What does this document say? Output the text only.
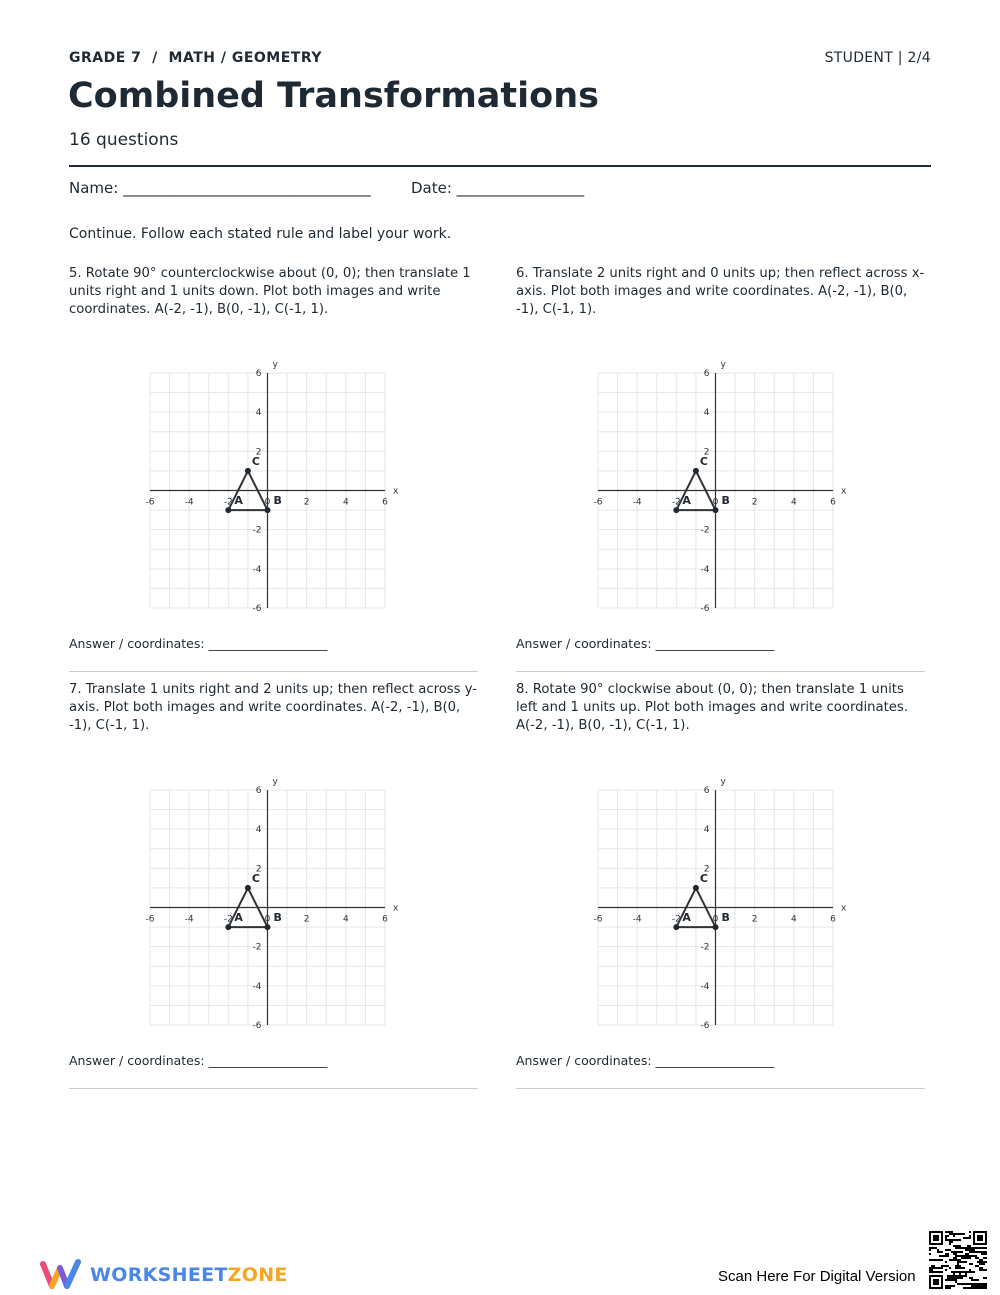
GRADE 7  /  MATH / GEOMETRY	STUDENT | 2/4
Combined Transformations
16 questions
Name: _________________________________	Date: _________________
Continue. Follow each stated rule and label your work.
5. Rotate 90° counterclockwise about (0, 0); then translate 1 units right and 1 units down. Plot both images and write coordinates. A(-2, -1), B(0, -1), C(-1, 1).
x
y
-6	-4	-2	0	2	4	6
6
4
2
-2
-4
-6
A	B
C
Answer / coordinates: ___________________
6. Translate 2 units right and 0 units up; then reflect across x-axis. Plot both images and write coordinates. A(-2, -1), B(0, -1), C(-1, 1).
x
y
-6	-4	-2	0	2	4	6
6
4
2
-2
-4
-6
A	B
C
Answer / coordinates: ___________________
7. Translate 1 units right and 2 units up; then reflect across y-axis. Plot both images and write coordinates. A(-2, -1), B(0, -1), C(-1, 1).
x
y
-6	-4	-2	0	2	4	6
6
4
2
-2
-4
-6
A	B
C
Answer / coordinates: ___________________
8. Rotate 90° clockwise about (0, 0); then translate 1 units left and 1 units up. Plot both images and write coordinates. A(-2, -1), B(0, -1), C(-1, 1).
x
y
-6	-4	-2	0	2	4	6
6
4
2
-2
-4
-6
A	B
C
Answer / coordinates: ___________________
WORKSHEETZONE	Scan Here For Digital Version
